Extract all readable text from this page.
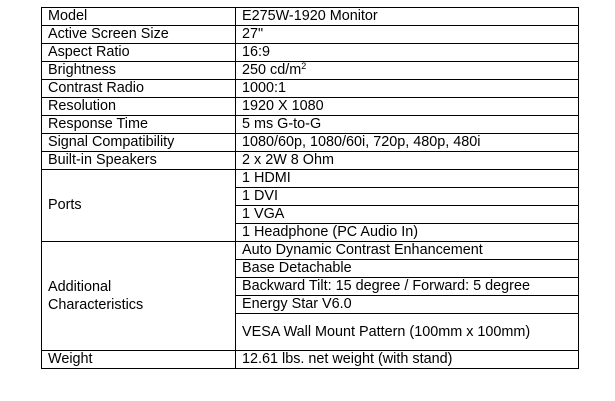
Model	E275W-1920 Monitor
Active Screen Size	27"
Aspect Ratio	16:9
Brightness	250 $cd/m^2$
Contrast Radio	1000:1
Resolution	1920 X 1080
Response Time	5 ms G-to-G
Signal Compatibility	1080/60p, 1080/60i, 720p, 480p, 480i
Built-in Speakers	2 x 2W 8 Ohm
Ports	1 HDMI
	1 DVI
	1 VGA
	1 Headphone (PC Audio In)

Additional
Characteristics	Auto Dynamic Contrast Enhancement
	Base Detachable
	Backward Tilt: 15 degree / Forward: 5 degree
	Energy Star V6.0
	VESA Wall Mount Pattern (100mm x 100mm)

Weight	12.61 lbs. net weight (with stand)
